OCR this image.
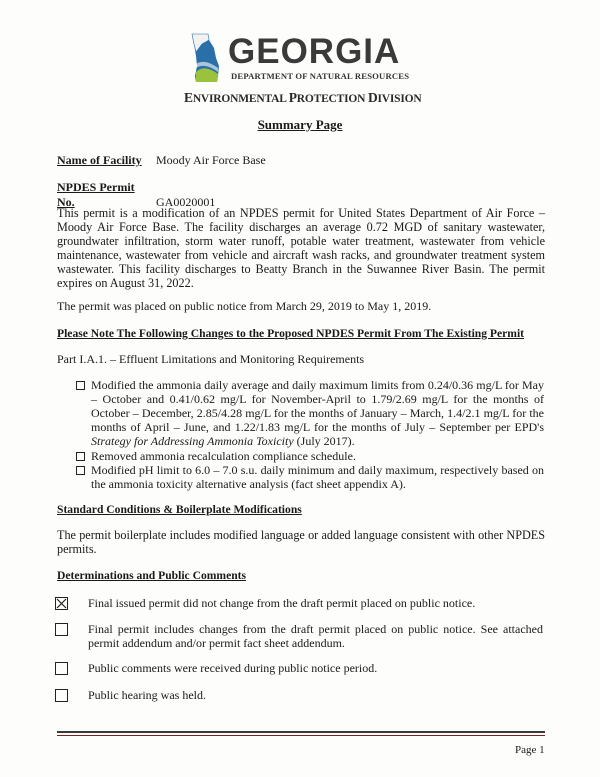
GEORGIA
DEPARTMENT OF NATURAL RESOURCES
ENVIRONMENTAL PROTECTION DIVISION
Summary Page
Name of Facility Moody Air Force Base
NPDES Permit No.	GA0020001
This permit is a modification of an NPDES permit for United States Department of Air Force – Moody Air Force Base. The facility discharges an average 0.72 MGD of sanitary wastewater, groundwater infiltration, storm water runoff, potable water treatment, wastewater from vehicle maintenance, wastewater from vehicle and aircraft wash racks, and groundwater treatment system wastewater. This facility discharges to Beatty Branch in the Suwannee River Basin. The permit expires on August 31, 2022.
The permit was placed on public notice from March 29, 2019 to May 1, 2019.
Please Note The Following Changes to the Proposed NPDES Permit From The Existing Permit
Part I.A.1. – Effluent Limitations and Monitoring Requirements
Modified the ammonia daily average and daily maximum limits from 0.24/0.36 mg/L for May – October and 0.41/0.62 mg/L for November-April to 1.79/2.69 mg/L for the months of October – December, 2.85/4.28 mg/L for the months of January – March, 1.4/2.1 mg/L for the months of April – June, and 1.22/1.83 mg/L for the months of July – September per EPD's Strategy for Addressing Ammonia Toxicity (July 2017).
Removed ammonia recalculation compliance schedule.
Modified pH limit to 6.0 – 7.0 s.u. daily minimum and daily maximum, respectively based on the ammonia toxicity alternative analysis (fact sheet appendix A).
Standard Conditions & Boilerplate Modifications
The permit boilerplate includes modified language or added language consistent with other NPDES permits.
Determinations and Public Comments
Final issued permit did not change from the draft permit placed on public notice.
Final permit includes changes from the draft permit placed on public notice. See attached permit addendum and/or permit fact sheet addendum.
Public comments were received during public notice period.
Public hearing was held.
Page 1
